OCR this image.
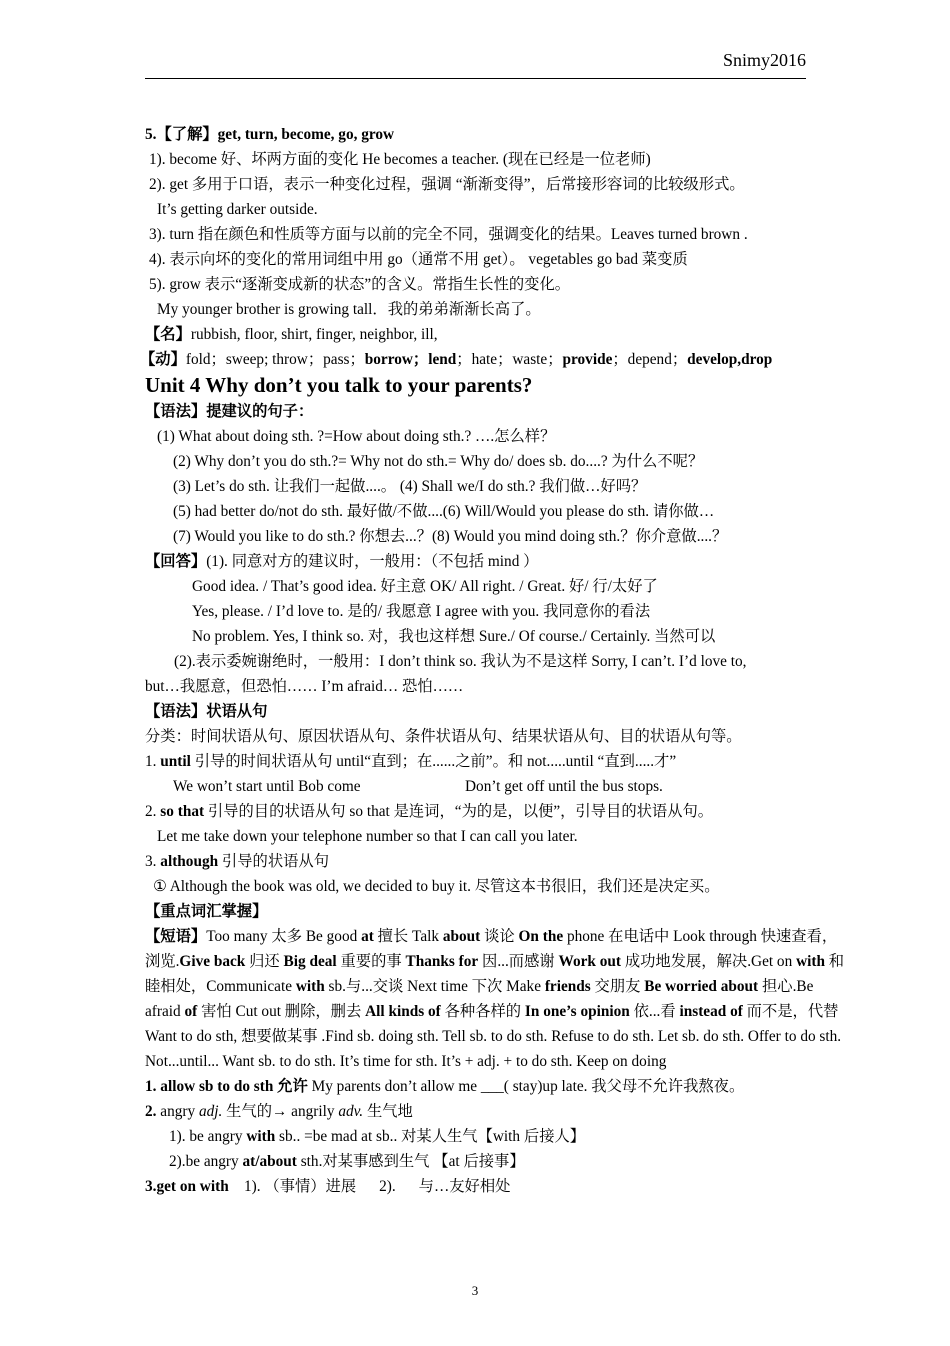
Snimy2016
5.【了解】get, turn, become, go, grow
1). become 好、坏两方面的变化 He becomes a teacher. (现在已经是一位老师)
2). get 多用于口语，表示一种变化过程，强调 “渐渐变得”，后常接形容词的比较级形式。
It’s getting darker outside.
3). turn 指在颜色和性质等方面与以前的完全不同，强调变化的结果。Leaves turned brown .
4). 表示向坏的变化的常用词组中用 go（通常不用 get）。 vegetables go bad 菜变质
5). grow 表示“逐渐变成新的状态”的含义。常指生长性的变化。
My younger brother is growing tall．我的弟弟渐渐长高了。
【名】rubbish, floor, shirt, finger, neighbor, ill,
【动】fold；sweep; throw；pass；borrow；lend；hate；waste；provide；depend；develop,drop
Unit 4 Why don’t you talk to your parents?
【语法】提建议的句子：
(1) What about doing sth. ?=How about doing sth.? ….怎么样？
(2) Why don’t you do sth.?= Why not do sth.= Why do/ does sb. do....? 为什么不呢？
(3) Let’s do sth. 让我们一起做....。 (4) Shall we/I do sth.? 我们做…好吗？
(5) had better do/not do sth. 最好做/不做....(6) Will/Would you please do sth. 请你做…
(7) Would you like to do sth.? 你想去...？(8) Would you mind doing sth.？你介意做....？
【回答】(1). 同意对方的建议时，一般用：（不包括 mind ）
Good idea. / That’s good idea. 好主意 OK/ All right. / Great. 好/ 行/太好了
Yes, please. / I’d love to. 是的/ 我愿意 I agree with you. 我同意你的看法
No problem. Yes, I think so. 对，我也这样想 Sure./ Of course./ Certainly. 当然可以
(2).表示委婉谢绝时，一般用：I don’t think so. 我认为不是这样 Sorry, I can’t. I’d love to,
but…我愿意，但恐怕…… I’m afraid… 恐怕……
【语法】状语从句
分类：时间状语从句、原因状语从句、条件状语从句、结果状语从句、目的状语从句等。
1. until 引导的时间状语从句 until“直到；在......之前”。和 not.....until “直到.....才”
We won’t start until Bob come	Don’t get off until the bus stops.
2. so that 引导的目的状语从句 so that 是连词，“为的是，以便”，引导目的状语从句。
Let me take down your telephone number so that I can call you later.
3. although 引导的状语从句
① Although the book was old, we decided to buy it. 尽管这本书很旧，我们还是决定买。
【重点词汇掌握】
【短语】Too many 太多 Be good at 擅长 Talk about 谈论 On the phone 在电话中 Look through 快速查看，浏览.Give back 归还 Big deal 重要的事 Thanks for 因...而感谢 Work out 成功地发展，解决.Get on with 和睦相处，Communicate with sb.与...交谈 Next time 下次 Make friends 交朋友 Be worried about 担心.Be afraid of 害怕 Cut out 删除，删去 All kinds of 各种各样的 In one’s opinion 依...看 instead of 而不是，代替 Want to do sth, 想要做某事 .Find sb. doing sth. Tell sb. to do sth. Refuse to do sth. Let sb. do sth. Offer to do sth. Not...until... Want sb. to do sth. It’s time for sth. It’s + adj. + to do sth. Keep on doing
1. allow sb to do sth 允许 My parents don’t allow me ___( stay)up late. 我父母不允许我熬夜。
2. angry adj. 生气的→ angrily adv. 生气地
1). be angry with sb.. =be mad at sb.. 对某人生气【with 后接人】
2).be angry at/about sth.对某事感到生气 【at 后接事】
3.get on with    1). （事情）进展      2).      与…友好相处
3
